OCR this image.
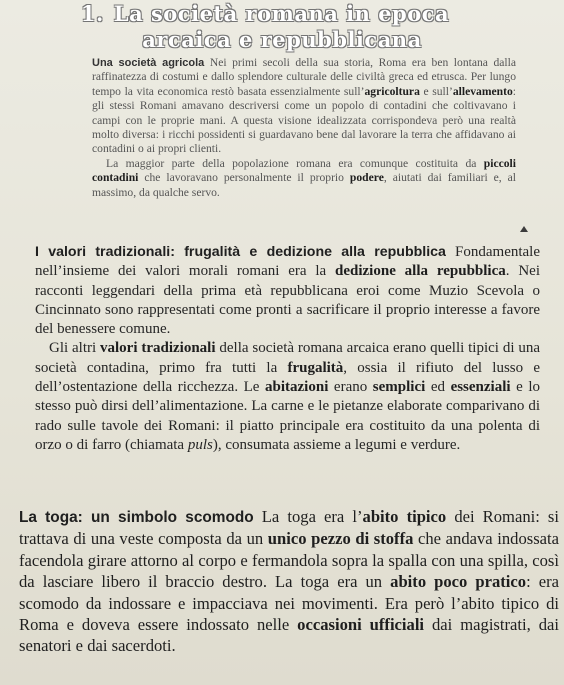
1. La società romana in epoca
arcaica e repubblicana

Una società agricola Nei primi secoli della sua storia, Roma era ben lontana dalla raffinatezza di costumi e dallo splendore culturale delle civiltà greca ed etrusca. Per lungo tempo la vita economica restò basata essenzialmente sull’agricoltura e sull’allevamento: gli stessi Romani amavano descriversi come un popolo di contadini che coltivavano i campi con le proprie mani. A questa visione idealizzata corrispondeva però una realtà molto diversa: i ricchi possidenti si guardavano bene dal lavorare la terra che affidavano ai contadini o ai propri clienti.

La maggior parte della popolazione romana era comunque costituita da piccoli contadini che lavoravano personalmente il proprio podere, aiutati dai familiari e, al massimo, da qualche servo.

I valori tradizionali: frugalità e dedizione alla repubblica Fondamentale nell’insieme dei valori morali romani era la dedizione alla repubblica. Nei racconti leggendari della prima età repubblicana eroi come Muzio Scevola o Cincinnato sono rappresentati come pronti a sacrificare il proprio interesse a favore del benessere comune.

Gli altri valori tradizionali della società romana arcaica erano quelli tipici di una società contadina, primo fra tutti la frugalità, ossia il rifiuto del lusso e dell’ostentazione della ricchezza. Le abitazioni erano semplici ed essenziali e lo stesso può dirsi dell’alimentazione. La carne e le pietanze elaborate comparivano di rado sulle tavole dei Romani: il piatto principale era costituito da una polenta di orzo o di farro (chiamata puls), consumata assieme a legumi e verdure.

La toga: un simbolo scomodo La toga era l’abito tipico dei Romani: si trattava di una veste composta da un unico pezzo di stoffa che andava indossata facendola girare attorno al corpo e fermandola sopra la spalla con una spilla, così da lasciare libero il braccio destro. La toga era un abito poco pratico: era scomodo da indossare e impacciava nei movimenti. Era però l’abito tipico di Roma e doveva essere indossato nelle occasioni ufficiali dai magistrati, dai senatori e dai sacerdoti.
